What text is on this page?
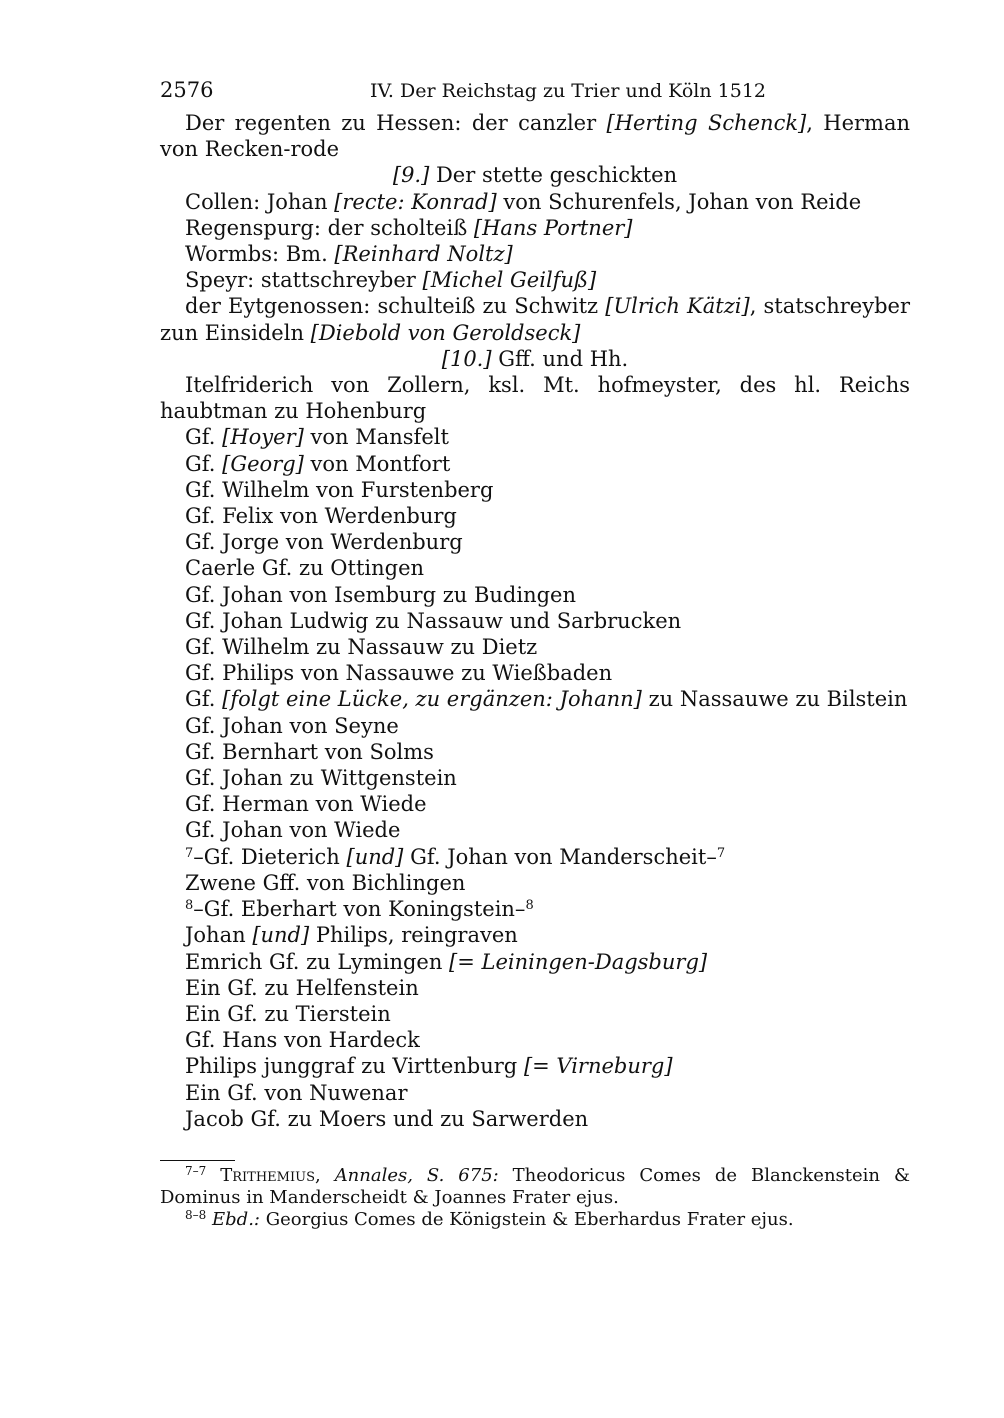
2576	IV. Der Reichstag zu Trier und Köln 1512

Der regenten zu Hessen: der canzler [Herting Schenck], Herman von Recken-rode

[9.] Der stette geschickten

Collen: Johan [recte: Konrad] von Schurenfels, Johan von Reide

Regenspurg: der scholteiß [Hans Portner]

Wormbs: Bm. [Reinhard Noltz]

Speyr: stattschreyber [Michel Geilfuß]

der Eytgenossen: schulteiß zu Schwitz [Ulrich Kätzi], statschreyber zun Einsideln [Diebold von Geroldseck]

[10.] Gff. und Hh.

Itelfriderich von Zollern, ksl. Mt. hofmeyster, des hl. Reichs haubtman zu Hohenburg

Gf. [Hoyer] von Mansfelt

Gf. [Georg] von Montfort

Gf. Wilhelm von Furstenberg

Gf. Felix von Werdenburg

Gf. Jorge von Werdenburg

Caerle Gf. zu Ottingen

Gf. Johan von Isemburg zu Budingen

Gf. Johan Ludwig zu Nassauw und Sarbrucken

Gf. Wilhelm zu Nassauw zu Dietz

Gf. Philips von Nassauwe zu Wießbaden

Gf. [folgt eine Lücke, zu ergänzen: Johann] zu Nassauwe zu Bilstein

Gf. Johan von Seyne

Gf. Bernhart von Solms

Gf. Johan zu Wittgenstein

Gf. Herman von Wiede

Gf. Johan von Wiede

$^7$–Gf. Dieterich [und] Gf. Johan von Manderscheit–$^7$

Zwene Gff. von Bichlingen

$^8$–Gf. Eberhart von Koningstein–$^8$

Johan [und] Philips, reingraven

Emrich Gf. zu Lymingen [= Leiningen-Dagsburg]

Ein Gf. zu Helfenstein

Ein Gf. zu Tierstein

Gf. Hans von Hardeck

Philips junggraf zu Virttenburg [= Virneburg]

Ein Gf. von Nuwenar

Jacob Gf. zu Moers und zu Sarwerden

$^{7-7}$ Trithemius, Annales, S. 675: Theodoricus Comes de Blanckenstein & Dominus in Manderscheidt & Joannes Frater ejus.

$^{8-8}$ Ebd.: Georgius Comes de Königstein & Eberhardus Frater ejus.
